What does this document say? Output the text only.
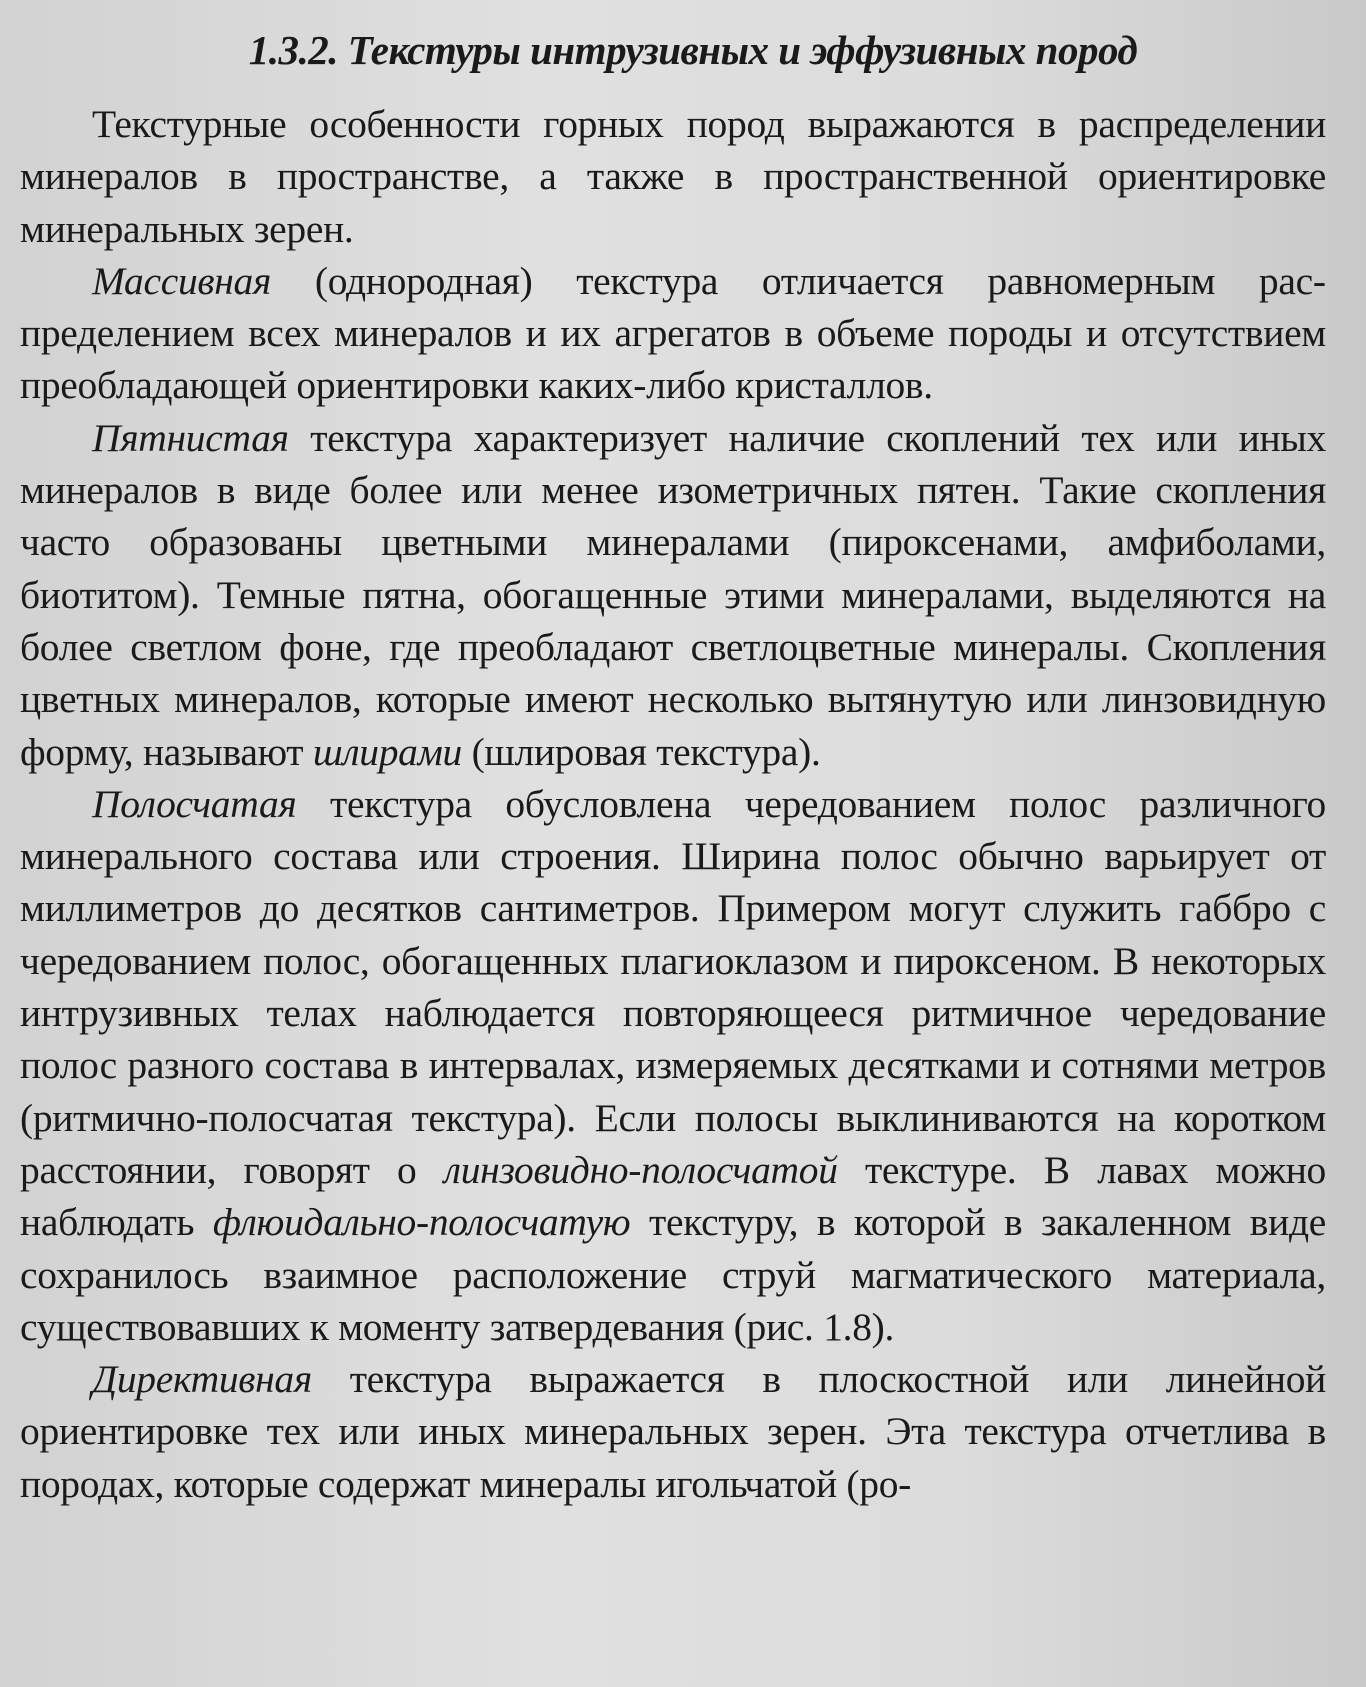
1.3.2. Текстуры интрузивных и эффузивных пород

Текстурные особенности горных пород выражаются в распределении минералов в пространстве, а также в пространственной ориентировке минеральных зерен.

Массивная (однородная) текстура отличается равномерным распределением всех минералов и их агрегатов в объеме породы и отсутствием преобладающей ориентировки каких-либо кристаллов.

Пятнистая текстура характеризует наличие скоплений тех или иных минералов в виде более или менее изометричных пятен. Такие скопления часто образованы цветными минералами (пироксенами, амфиболами, биотитом). Темные пятна, обогащенные этими минералами, выделяются на более светлом фоне, где преобладают светлоцветные минералы. Скопления цветных минералов, которые имеют несколько вытянутую или линзовидную форму, называют шлирами (шлировая текстура).

Полосчатая текстура обусловлена чередованием полос различного минерального состава или строения. Ширина полос обычно варьирует от миллиметров до десятков сантиметров. Примером могут служить габбро с чередованием полос, обогащенных плагиоклазом и пироксеном. В некоторых интрузивных телах наблюдается повторяющееся ритмичное чередование полос разного состава в интервалах, измеряемых десятками и сотнями метров (ритмично-полосчатая текстура). Если полосы выклиниваются на коротком расстоянии, говорят о линзовидно-полосчатой текстуре. В лавах можно наблюдать флюидально-полосчатую текстуру, в которой в закаленном виде сохранилось взаимное расположение струй магматического материала, существовавших к моменту затвердевания (рис. 1.8).

Директивная текстура выражается в плоскостной или линейной ориентировке тех или иных минеральных зерен. Эта текстура отчетлива в породах, которые содержат минералы игольчатой (ро-
